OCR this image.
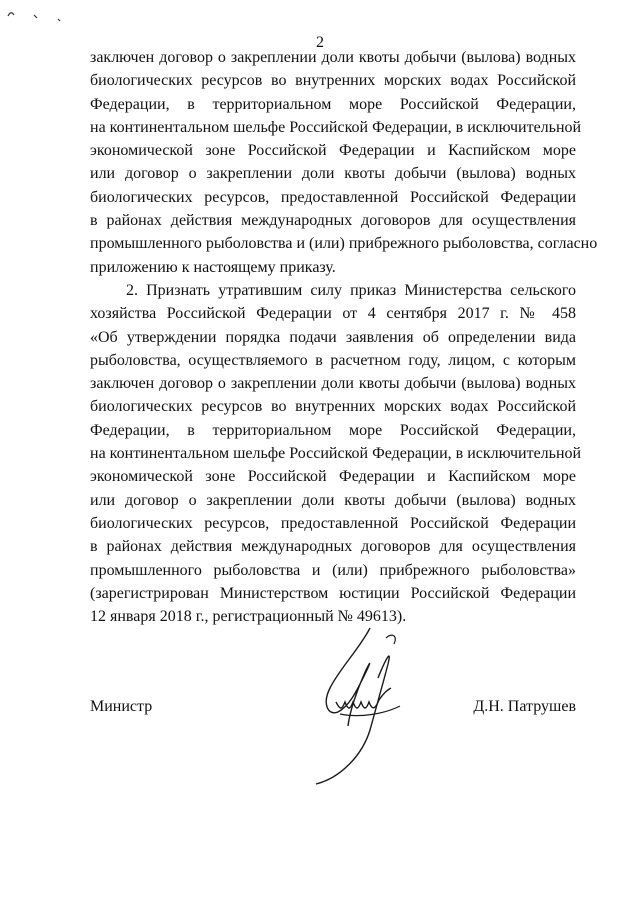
2
заключен договор о закреплении доли квоты добычи (вылова) водных
биологических ресурсов во внутренних морских водах Российской
Федерации, в территориальном море Российской Федерации,
на континентальном шельфе Российской Федерации, в исключительной
экономической зоне Российской Федерации и Каспийском море
или договор о закреплении доли квоты добычи (вылова) водных
биологических ресурсов, предоставленной Российской Федерации
в районах действия международных договоров для осуществления
промышленного рыболовства и (или) прибрежного рыболовства, согласно
приложению к настоящему приказу.
2. Признать утратившим силу приказ Министерства сельского
хозяйства Российской Федерации от 4 сентября 2017 г. № 458
«Об утверждении порядка подачи заявления об определении вида
рыболовства, осуществляемого в расчетном году, лицом, с которым
заключен договор о закреплении доли квоты добычи (вылова) водных
биологических ресурсов во внутренних морских водах Российской
Федерации, в территориальном море Российской Федерации,
на континентальном шельфе Российской Федерации, в исключительной
экономической зоне Российской Федерации и Каспийском море
или договор о закреплении доли квоты добычи (вылова) водных
биологических ресурсов, предоставленной Российской Федерации
в районах действия международных договоров для осуществления
промышленного рыболовства и (или) прибрежного рыболовства»
(зарегистрирован Министерством юстиции Российской Федерации
12 января 2018 г., регистрационный № 49613).
Министр	Д.Н. Патрушев
